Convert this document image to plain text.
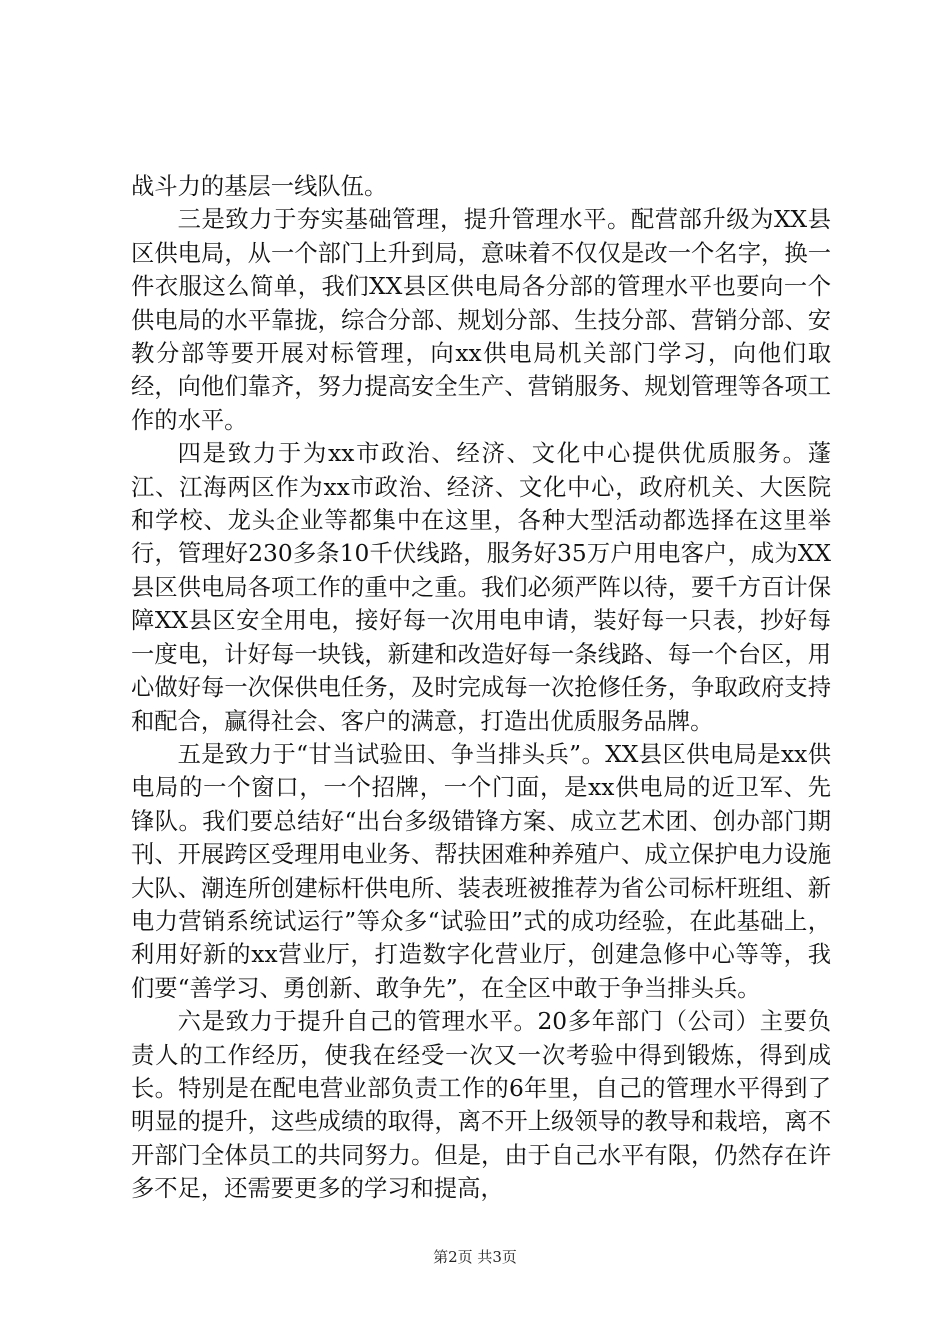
战斗力的基层一线队伍。

三是致力于夯实基础管理，提升管理水平。配营部升级为XX县区供电局，从一个部门上升到局，意味着不仅仅是改一个名字，换一件衣服这么简单，我们XX县区供电局各分部的管理水平也要向一个供电局的水平靠拢，综合分部、规划分部、生技分部、营销分部、安教分部等要开展对标管理，向xx供电局机关部门学习，向他们取经，向他们靠齐，努力提高安全生产、营销服务、规划管理等各项工作的水平。

四是致力于为xx市政治、经济、文化中心提供优质服务。蓬江、江海两区作为xx市政治、经济、文化中心，政府机关、大医院和学校、龙头企业等都集中在这里，各种大型活动都选择在这里举行，管理好230多条10千伏线路，服务好35万户用电客户，成为XX县区供电局各项工作的重中之重。我们必须严阵以待，要千方百计保障XX县区安全用电，接好每一次用电申请，装好每一只表，抄好每一度电，计好每一块钱，新建和改造好每一条线路、每一个台区，用心做好每一次保供电任务，及时完成每一次抢修任务，争取政府支持和配合，赢得社会、客户的满意，打造出优质服务品牌。

五是致力于“甘当试验田、争当排头兵”。XX县区供电局是xx供电局的一个窗口，一个招牌，一个门面，是xx供电局的近卫军、先锋队。我们要总结好“出台多级错锋方案、成立艺术团、创办部门期刊、开展跨区受理用电业务、帮扶困难种养殖户、成立保护电力设施大队、潮连所创建标杆供电所、装表班被推荐为省公司标杆班组、新电力营销系统试运行”等众多“试验田”式的成功经验，在此基础上，利用好新的xx营业厅，打造数字化营业厅，创建急修中心等等，我们要“善学习、勇创新、敢争先”，在全区中敢于争当排头兵。

六是致力于提升自己的管理水平。20多年部门（公司）主要负责人的工作经历，使我在经受一次又一次考验中得到锻炼，得到成长。特别是在配电营业部负责工作的6年里，自己的管理水平得到了明显的提升，这些成绩的取得，离不开上级领导的教导和栽培，离不开部门全体员工的共同努力。但是，由于自己水平有限，仍然存在许多不足，还需要更多的学习和提高，

第2页 共3页
